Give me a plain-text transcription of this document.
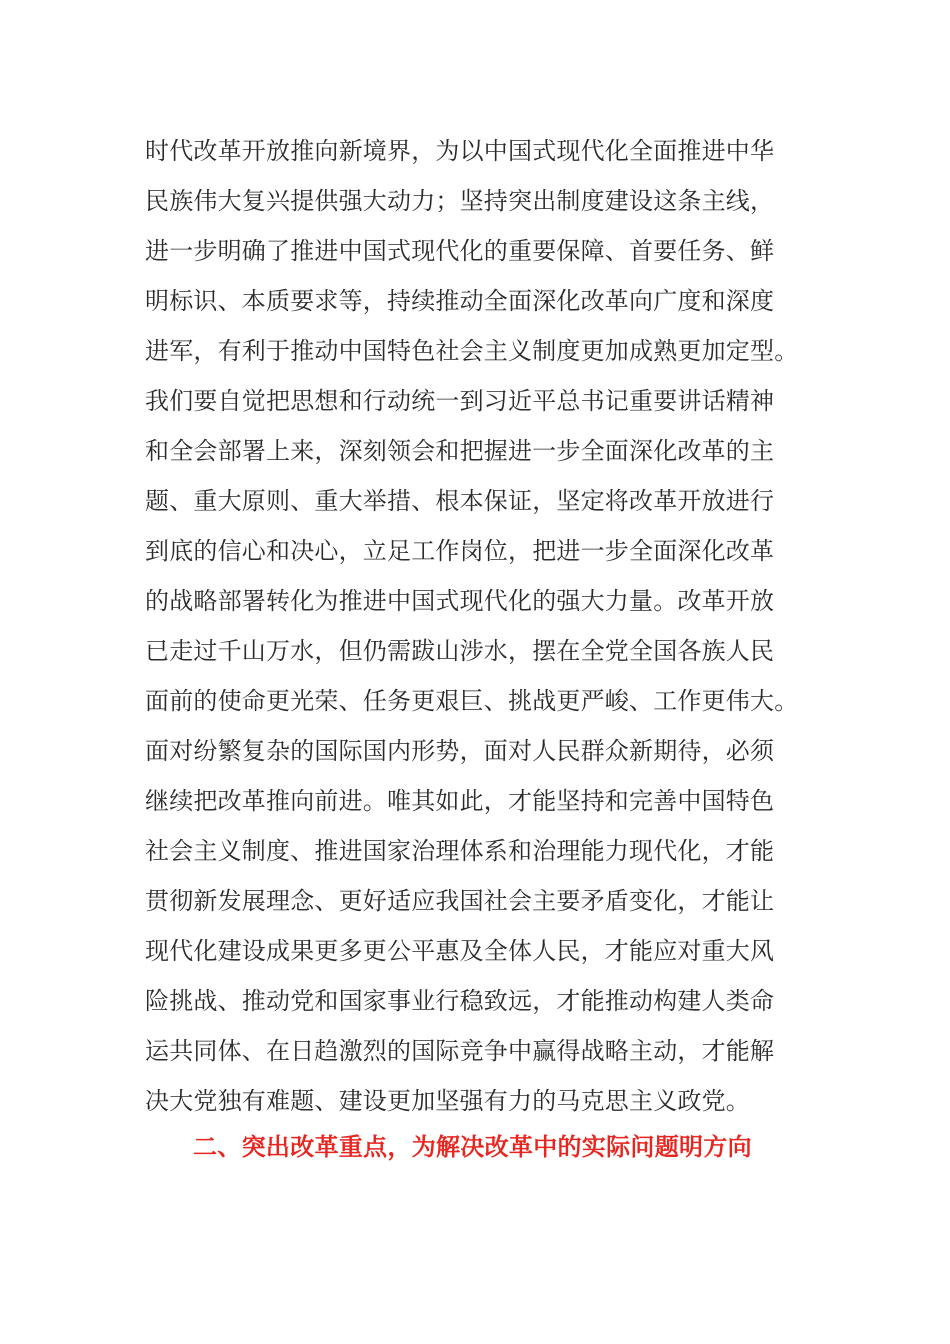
时代改革开放推向新境界，为以中国式现代化全面推进中华
民族伟大复兴提供强大动力；坚持突出制度建设这条主线，
进一步明确了推进中国式现代化的重要保障、首要任务、鲜
明标识、本质要求等，持续推动全面深化改革向广度和深度
进军，有利于推动中国特色社会主义制度更加成熟更加定型。
我们要自觉把思想和行动统一到习近平总书记重要讲话精神
和全会部署上来，深刻领会和把握进一步全面深化改革的主
题、重大原则、重大举措、根本保证，坚定将改革开放进行
到底的信心和决心，立足工作岗位，把进一步全面深化改革
的战略部署转化为推进中国式现代化的强大力量。改革开放
已走过千山万水，但仍需跋山涉水，摆在全党全国各族人民
面前的使命更光荣、任务更艰巨、挑战更严峻、工作更伟大。
面对纷繁复杂的国际国内形势，面对人民群众新期待，必须
继续把改革推向前进。唯其如此，才能坚持和完善中国特色
社会主义制度、推进国家治理体系和治理能力现代化，才能
贯彻新发展理念、更好适应我国社会主要矛盾变化，才能让
现代化建设成果更多更公平惠及全体人民，才能应对重大风
险挑战、推动党和国家事业行稳致远，才能推动构建人类命
运共同体、在日趋激烈的国际竞争中赢得战略主动，才能解
决大党独有难题、建设更加坚强有力的马克思主义政党。
二、突出改革重点，为解决改革中的实际问题明方向
